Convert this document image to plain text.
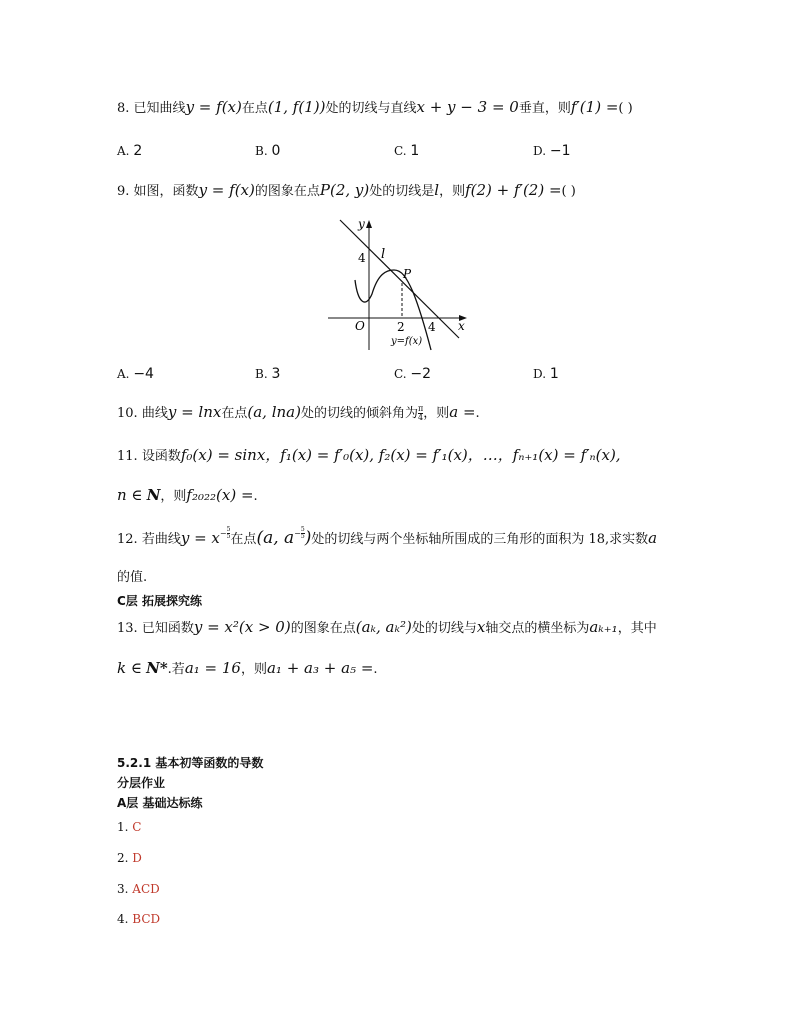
8. 已知曲线y = f(x)在点(1, f(1))处的切线与直线x + y − 3 = 0垂直，则f′(1) =( )
A. 2	B. 0	C. 1	D. −1
9. 如图，函数y = f(x)的图象在点P(2, y)处的切线是l，则f(2) + f′(2) =( )
y
x
O
4
2 4
l
P
y=f(x)
A. −4	B. 3	C. −2	D. 1
10. 曲线y = lnx在点(a, lna)处的切线的倾斜角为 $\frac{\pi}{4}$ ，则a =.
11. 设函数f₀(x) = sinx，f₁(x) = f′₀(x), f₂(x) = f′₁(x)，…，fₙ₊₁(x) = f′ₙ(x),
n ∈ N，则f₂₀₂₂(x) =.
12. 若曲线$y = x^{- \frac{5}{5}}$ 在点(a, $a^{- \frac{5}{5}}$ )处的切线与两个坐标轴所围成的三角形的面积为 18,求实数a
的值.
C层 拓展探究练
13. 已知函数y = x²(x > 0)的图象在点(aₖ, aₖ²)处的切线与x轴交点的横坐标为aₖ₊₁，其中
k ∈ N*.若a₁ = 16，则a₁ + a₃ + a₅ =.
5.2.1 基本初等函数的导数
分层作业
A层 基础达标练
1. C
2. D
3. ACD
4. BCD
